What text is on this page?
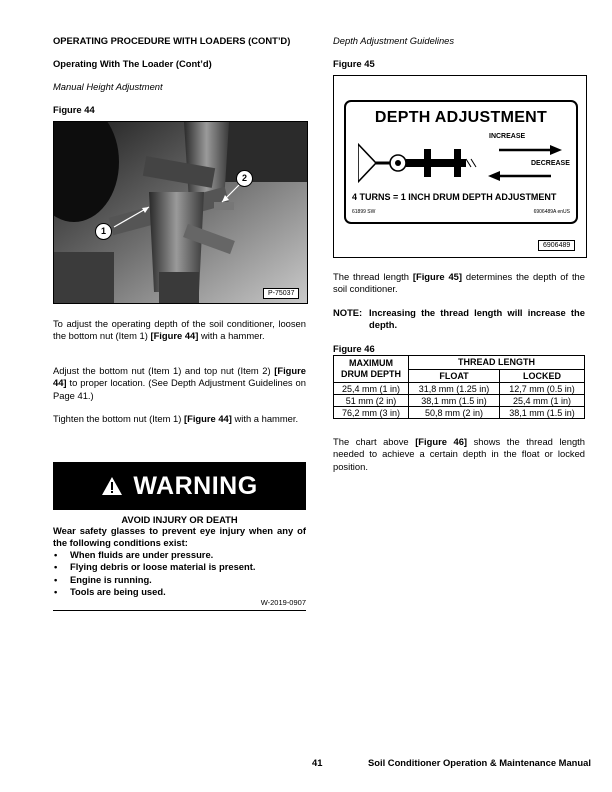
OPERATING PROCEDURE WITH LOADERS (CONT’D)
Operating With The Loader (Cont’d)
Manual Height Adjustment
Figure 44
1
2
P-75037

To adjust the operating depth of the soil conditioner, loosen the bottom nut (Item 1) [Figure 44] with a hammer.

Adjust the bottom nut (Item 1) and top nut (Item 2) [Figure 44] to proper location. (See Depth Adjustment Guidelines on Page 41.)

Tighten the bottom nut (Item 1) [Figure 44] with a hammer.

WARNING
AVOID INJURY OR DEATH
Wear safety glasses to prevent eye injury when any of the following conditions exist:
• When fluids are under pressure.
• Flying debris or loose material is present.
• Engine is running.
• Tools are being used.
W-2019-0907
Depth Adjustment Guidelines
Figure 45
DEPTH ADJUSTMENT
INCREASE
DECREASE
4 TURNS = 1 INCH DRUM DEPTH ADJUSTMENT
61899 SW	6906489A enUS
6906489

The thread length [Figure 45] determines the depth of the soil conditioner.

NOTE: Increasing the thread length will increase the depth.
Figure 46
MAXIMUM DRUM DEPTH	THREAD LENGTH	
	FLOAT	LOCKED
25,4 mm (1 in)	31,8 mm (1.25 in)	12,7 mm (0.5 in)
51 mm (2 in)	38,1 mm (1.5 in)	25,4 mm (1 in)
76,2 mm (3 in)	50,8 mm (2 in)	38,1 mm (1.5 in)

The chart above [Figure 46] shows the thread length needed to achieve a certain depth in the float or locked position.

41	Soil Conditioner Operation & Maintenance Manual
